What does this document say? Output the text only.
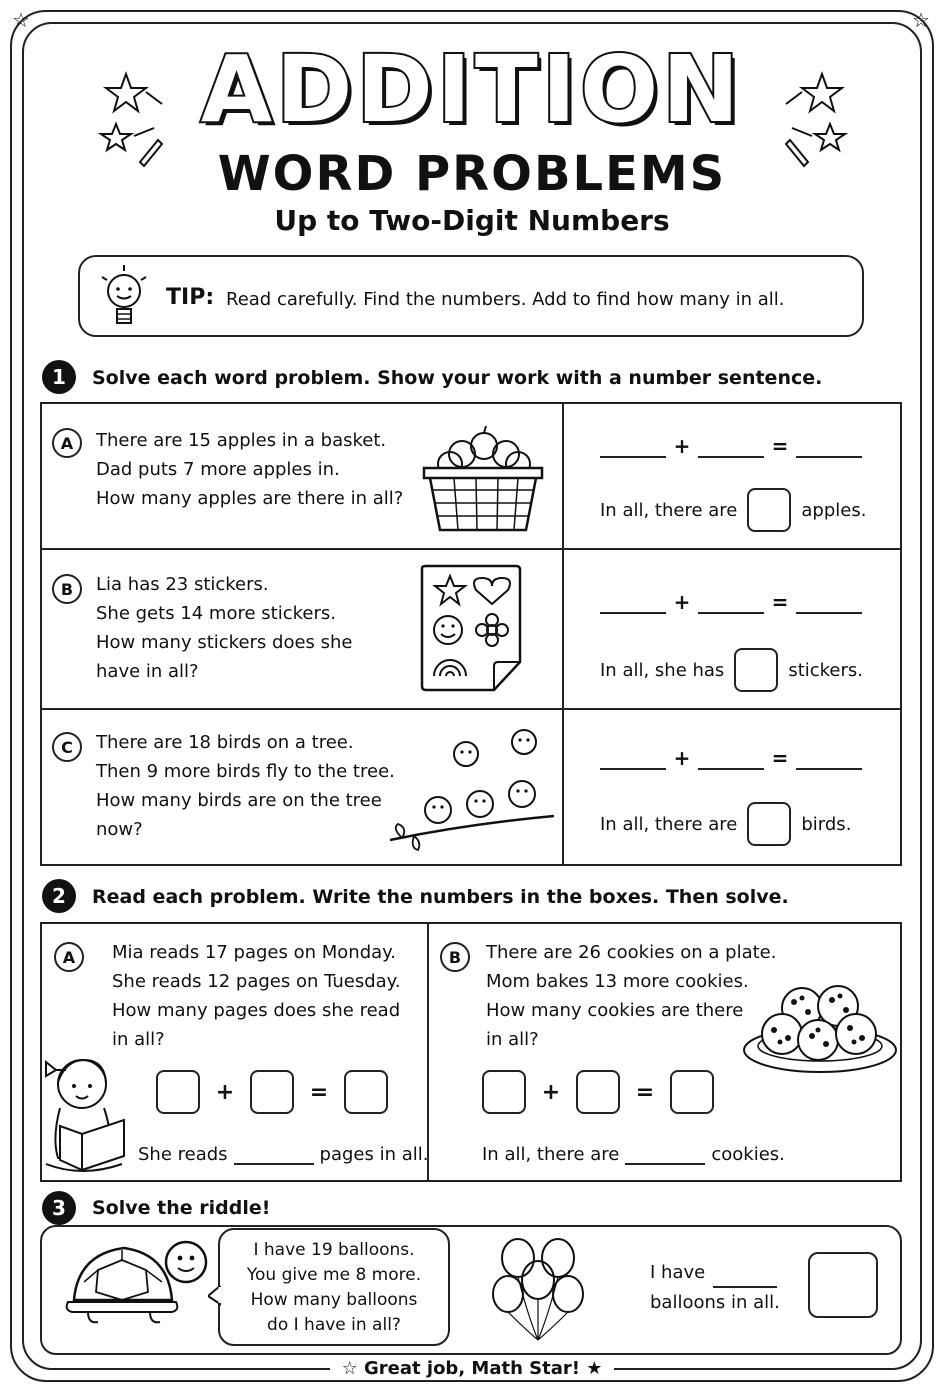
☆	☆
ADDITION
WORD PROBLEMS
Up to Two-Digit Numbers
TIP: Read carefully. Find the numbers. Add to find how many in all.
1	Solve each word problem. Show your work with a number sentence.
A	There are 15 apples in a basket.
Dad puts 7 more apples in.
How many apples are there in all?
+	=
In all, there are	apples.
B	Lia has 23 stickers.
She gets 14 more stickers.
How many stickers does she
have in all?
+	=
In all, she has	stickers.
C	There are 18 birds on a tree.
Then 9 more birds fly to the tree.
How many birds are on the tree
now?
+	=
In all, there are	birds.
2	Read each problem. Write the numbers in the boxes. Then solve.
A	Mia reads 17 pages on Monday.
She reads 12 pages on Tuesday.
How many pages does she read
in all?
+	=
She reads	pages in all.
B	There are 26 cookies on a plate.
Mom bakes 13 more cookies.
How many cookies are there
in all?
+	=
In all, there are	cookies.
3	Solve the riddle!
I have 19 balloons.
You give me 8 more.
How many balloons
do I have in all?
I have
balloons in all.
☆ Great job, Math Star! ★
